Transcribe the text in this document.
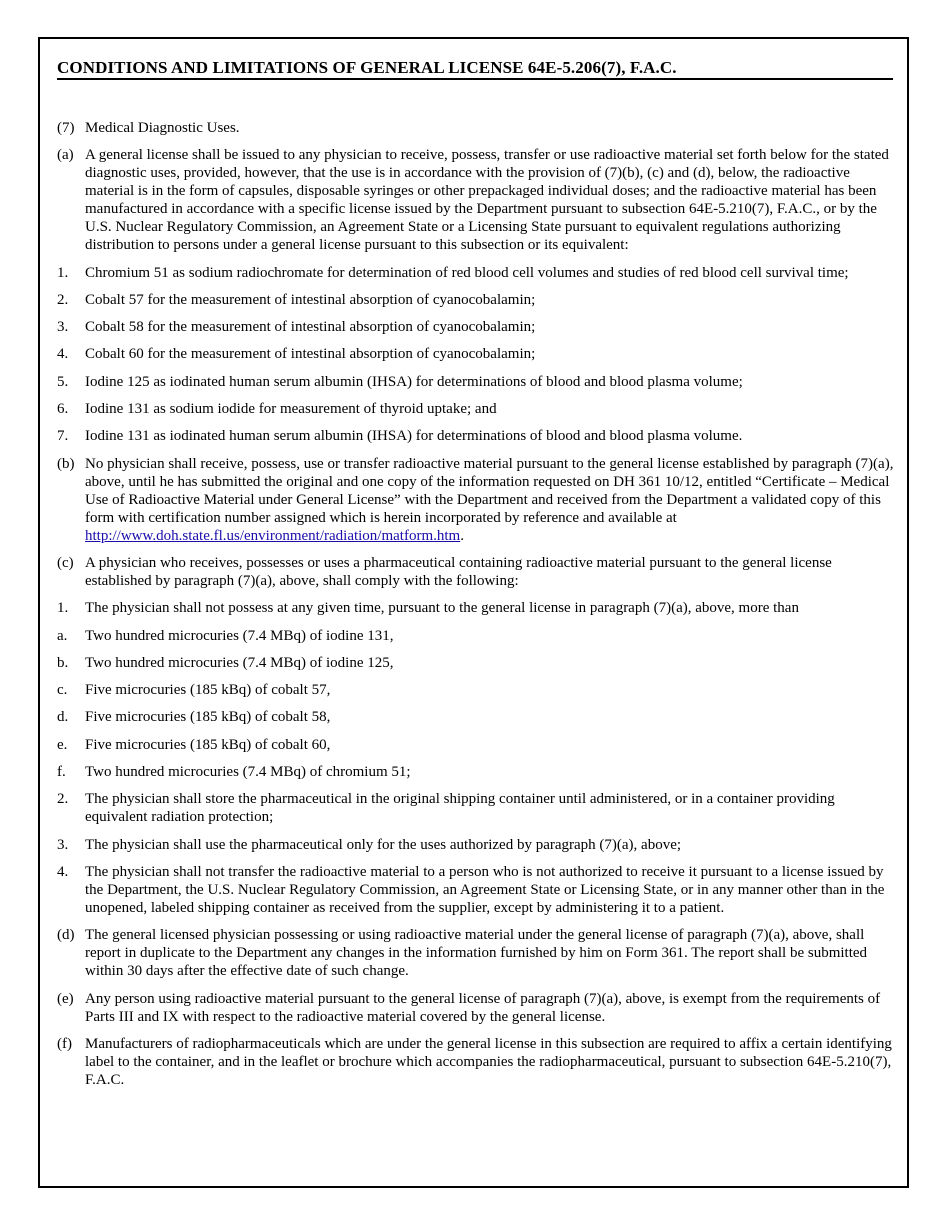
CONDITIONS AND LIMITATIONS OF GENERAL LICENSE 64E-5.206(7), F.A.C.
(7) Medical Diagnostic Uses.
(a) A general license shall be issued to any physician to receive, possess, transfer or use radioactive material set forth below for the stated diagnostic uses, provided, however, that the use is in accordance with the provision of (7)(b), (c) and (d), below, the radioactive material is in the form of capsules, disposable syringes or other prepackaged individual doses; and the radioactive material has been manufactured in accordance with a specific license issued by the Department pursuant to subsection 64E-5.210(7), F.A.C., or by the U.S. Nuclear Regulatory Commission, an Agreement State or a Licensing State pursuant to equivalent regulations authorizing distribution to persons under a general license pursuant to this subsection or its equivalent:
1.	Chromium 51 as sodium radiochromate for determination of red blood cell volumes and studies of red blood cell survival time;
2.	Cobalt 57 for the measurement of intestinal absorption of cyanocobalamin;
3.	Cobalt 58 for the measurement of intestinal absorption of cyanocobalamin;
4.	Cobalt 60 for the measurement of intestinal absorption of cyanocobalamin;
5.	Iodine 125 as iodinated human serum albumin (IHSA) for determinations of blood and blood plasma volume;
6.	Iodine 131 as sodium iodide for measurement of thyroid uptake; and
7.	Iodine 131 as iodinated human serum albumin (IHSA) for determinations of blood and blood plasma volume.
(b) No physician shall receive, possess, use or transfer radioactive material pursuant to the general license established by paragraph (7)(a), above, until he has submitted the original and one copy of the information requested on DH 361 10/12, entitled “Certificate – Medical Use of Radioactive Material under General License” with the Department and received from the Department a validated copy of this form with certification number assigned which is herein incorporated by reference and available at http://www.doh.state.fl.us/environment/radiation/matform.htm.
(c) A physician who receives, possesses or uses a pharmaceutical containing radioactive material pursuant to the general license established by paragraph (7)(a), above, shall comply with the following:
1.	The physician shall not possess at any given time, pursuant to the general license in paragraph (7)(a), above, more than
a.	Two hundred microcuries (7.4 MBq) of iodine 131,
b.	Two hundred microcuries (7.4 MBq) of iodine 125,
c.	Five microcuries (185 kBq) of cobalt 57,
d.	Five microcuries (185 kBq) of cobalt 58,
e.	Five microcuries (185 kBq) of cobalt 60,
f.	Two hundred microcuries (7.4 MBq) of chromium 51;
2.	The physician shall store the pharmaceutical in the original shipping container until administered, or in a container providing equivalent radiation protection;
3.	The physician shall use the pharmaceutical only for the uses authorized by paragraph (7)(a), above;
4.	The physician shall not transfer the radioactive material to a person who is not authorized to receive it pursuant to a license issued by the Department, the U.S. Nuclear Regulatory Commission, an Agreement State or Licensing State, or in any manner other than in the unopened, labeled shipping container as received from the supplier, except by administering it to a patient.
(d) The general licensed physician possessing or using radioactive material under the general license of paragraph (7)(a), above, shall report in duplicate to the Department any changes in the information furnished by him on Form 361. The report shall be submitted within 30 days after the effective date of such change.
(e) Any person using radioactive material pursuant to the general license of paragraph (7)(a), above, is exempt from the requirements of Parts III and IX with respect to the radioactive material covered by the general license.
(f) Manufacturers of radiopharmaceuticals which are under the general license in this subsection are required to affix a certain identifying label to the container, and in the leaflet or brochure which accompanies the radiopharmaceutical, pursuant to subsection 64E-5.210(7), F.A.C.
